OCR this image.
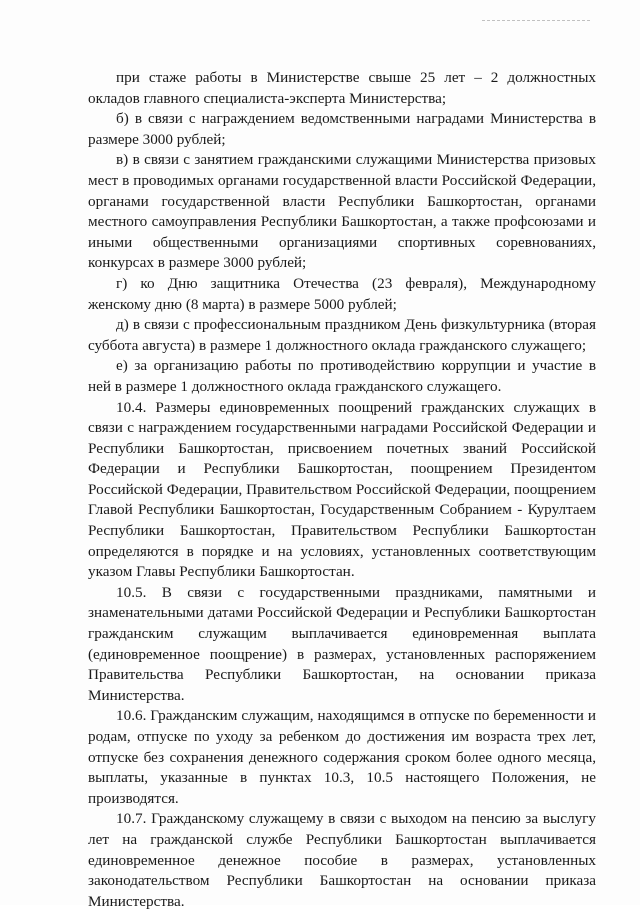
при стаже работы в Министерстве свыше 25 лет – 2 должностных окладов главного специалиста-эксперта Министерства;

б) в связи с награждением ведомственными наградами Министерства в размере 3000 рублей;

в) в связи с занятием гражданскими служащими Министерства призовых мест в проводимых органами государственной власти Российской Федерации, органами государственной власти Республики Башкортостан, органами местного самоуправления Республики Башкортостан, а также профсоюзами и иными общественными организациями спортивных соревнованиях, конкурсах в размере 3000 рублей;

г) ко Дню защитника Отечества (23 февраля), Международному женскому дню (8 марта) в размере 5000 рублей;

д) в связи с профессиональным праздником День физкультурника (вторая суббота августа) в размере 1 должностного оклада гражданского служащего;

е) за организацию работы по противодействию коррупции и участие в ней в размере 1 должностного оклада гражданского служащего.

10.4. Размеры единовременных поощрений гражданских служащих в связи с награждением государственными наградами Российской Федерации и Республики Башкортостан, присвоением почетных званий Российской Федерации и Республики Башкортостан, поощрением Президентом Российской Федерации, Правительством Российской Федерации, поощрением Главой Республики Башкортостан, Государственным Собранием - Курултаем Республики Башкортостан, Правительством Республики Башкортостан определяются в порядке и на условиях, установленных соответствующим указом Главы Республики Башкортостан.

10.5. В связи с государственными праздниками, памятными и знаменательными датами Российской Федерации и Республики Башкортостан гражданским служащим выплачивается единовременная выплата (единовременное поощрение) в размерах, установленных распоряжением Правительства Республики Башкортостан, на основании приказа Министерства.

10.6. Гражданским служащим, находящимся в отпуске по беременности и родам, отпуске по уходу за ребенком до достижения им возраста трех лет, отпуске без сохранения денежного содержания сроком более одного месяца, выплаты, указанные в пунктах 10.3, 10.5 настоящего Положения, не производятся.

10.7. Гражданскому служащему в связи с выходом на пенсию за выслугу лет на гражданской службе Республики Башкортостан выплачивается единовременное денежное пособие в размерах, установленных законодательством Республики Башкортостан на основании приказа Министерства.
